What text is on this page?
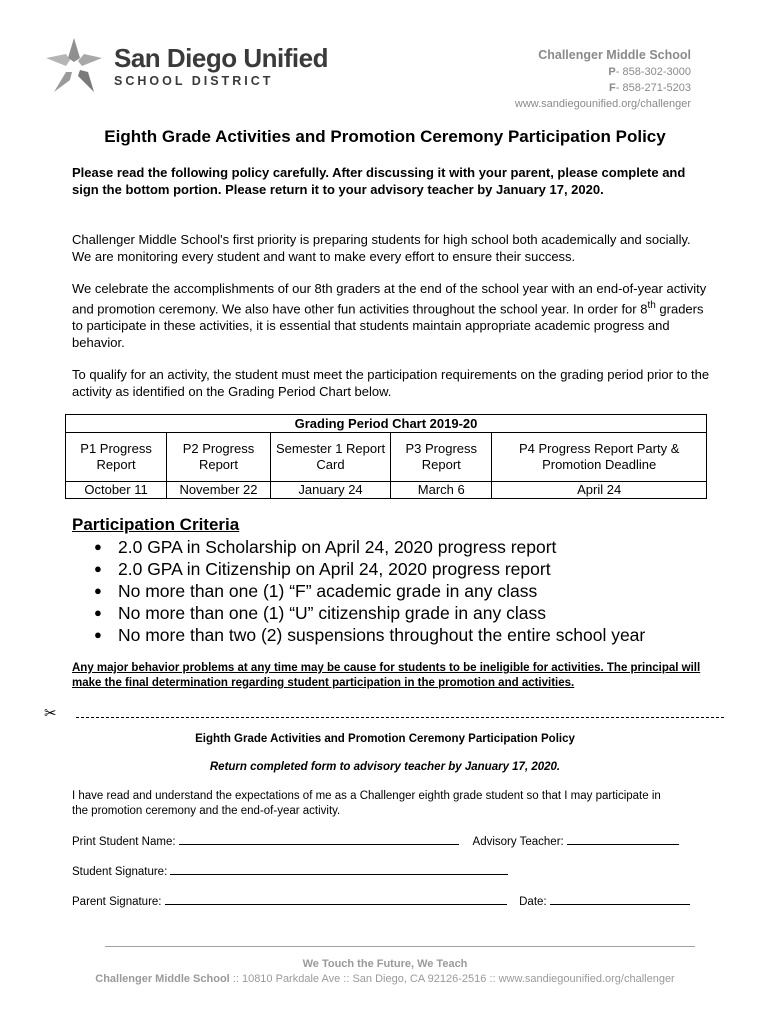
San Diego Unified
SCHOOL DISTRICT
Challenger Middle School
P- 858-302-3000
F- 858-271-5203
www.sandiegounified.org/challenger
Eighth Grade Activities and Promotion Ceremony Participation Policy
Please read the following policy carefully. After discussing it with your parent, please complete and sign the bottom portion. Please return it to your advisory teacher by January 17, 2020.
Challenger Middle School's first priority is preparing students for high school both academically and socially. We are monitoring every student and want to make every effort to ensure their success.
We celebrate the accomplishments of our 8th graders at the end of the school year with an end-of-year activity and promotion ceremony. We also have other fun activities throughout the school year. In order for 8th graders to participate in these activities, it is essential that students maintain appropriate academic progress and behavior.
To qualify for an activity, the student must meet the participation requirements on the grading period prior to the activity as identified on the Grading Period Chart below.
Grading Period Chart 2019-20				
P1 Progress Report	P2 Progress Report	Semester 1 Report Card	P3 Progress Report	P4 Progress Report Party & Promotion Deadline
October 11	November 22	January 24	March 6	April 24
Participation Criteria
● 2.0 GPA in Scholarship on April 24, 2020 progress report
● 2.0 GPA in Citizenship on April 24, 2020 progress report
● No more than one (1) “F” academic grade in any class
● No more than one (1) “U” citizenship grade in any class
● No more than two (2) suspensions throughout the entire school year
Any major behavior problems at any time may be cause for students to be ineligible for activities. The principal will make the final determination regarding student participation in the promotion and activities.
✂
Eighth Grade Activities and Promotion Ceremony Participation Policy
Return completed form to advisory teacher by January 17, 2020.
I have read and understand the expectations of me as a Challenger eighth grade student so that I may participate in the promotion ceremony and the end-of-year activity.
Print Student Name:	Advisory Teacher:
Student Signature:
Parent Signature:	Date:
We Touch the Future, We Teach
Challenger Middle School :: 10810 Parkdale Ave :: San Diego, CA 92126-2516 :: www.sandiegounified.org/challenger
